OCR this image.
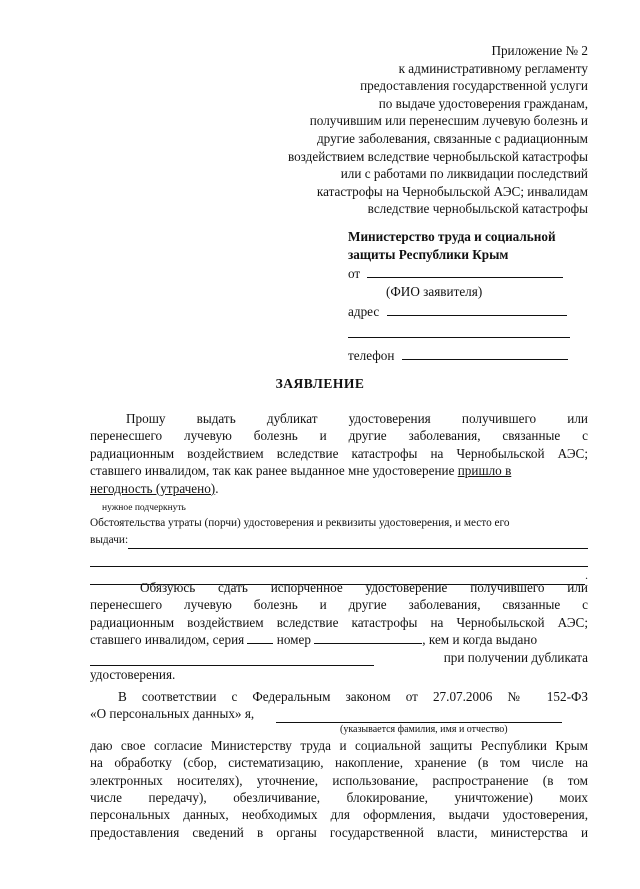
Приложение № 2
к административному регламенту
предоставления государственной услуги
по выдаче удостоверения гражданам,
получившим или перенесшим лучевую болезнь и
другие заболевания, связанные с радиационным
воздействием вследствие чернобыльской катастрофы
или с работами по ликвидации последствий
катастрофы на Чернобыльской АЭС; инвалидам
вследствие чернобыльской катастрофы
Министерство труда и социальной
защиты Республики Крым
от
(ФИО заявителя)
адрес
телефон
ЗАЯВЛЕНИЕ
Прошу выдать дубликат удостоверения получившего или
перенесшего лучевую болезнь и другие заболевания, связанные с
радиационным воздействием вследствие катастрофы на Чернобыльской АЭС;
ставшего инвалидом, так как ранее выданное мне удостоверение пришло в
негодность (утрачено).
нужное подчеркнуть
Обстоятельства утраты (порчи) удостоверения и реквизиты удостоверения, и место его
выдачи:
.
Обязуюсь сдать испорченное удостоверение получившего или
перенесшего лучевую болезнь и другие заболевания, связанные с
радиационным воздействием вследствие катастрофы на Чернобыльской АЭС;
ставшего инвалидом, серия номер	, кем и когда выдано
при получении дубликата
удостоверения.
В соответствии с Федеральным законом от 27.07.2006 № 152-ФЗ
«О персональных данных» я,
(указывается фамилия, имя и отчество)
даю свое согласие Министерству труда и социальной защиты Республики Крым
на обработку (сбор, систематизацию, накопление, хранение (в том числе на
электронных носителях), уточнение, использование, распространение (в том
числе передачу), обезличивание, блокирование, уничтожение) моих
персональных данных, необходимых для оформления, выдачи удостоверения,
предоставления сведений в органы государственной власти, министерства и
